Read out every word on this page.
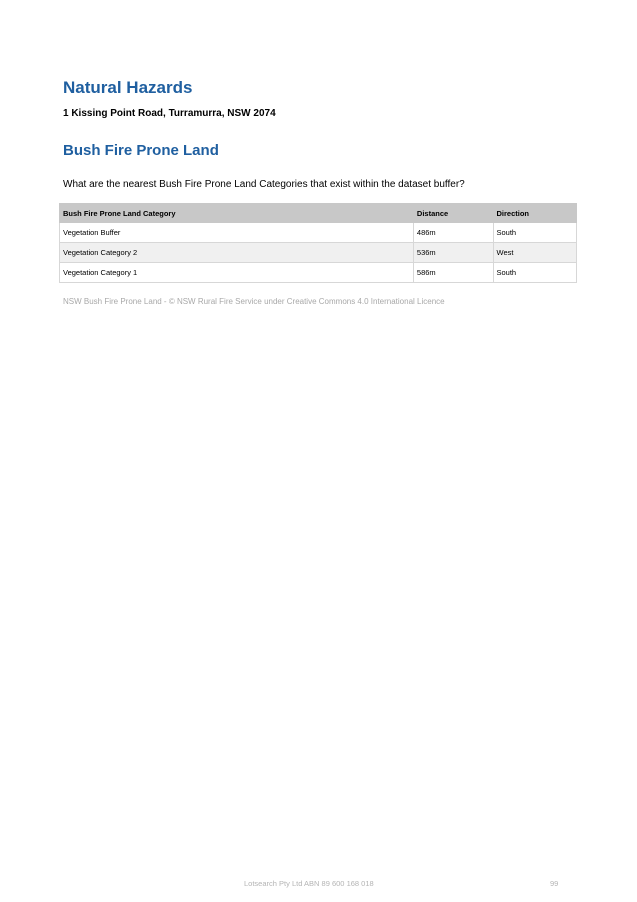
Natural Hazards

1 Kissing Point Road, Turramurra, NSW 2074

Bush Fire Prone Land

What are the nearest Bush Fire Prone Land Categories that exist within the dataset buffer?

Bush Fire Prone Land Category	Distance	Direction
Vegetation Buffer	486m	South
Vegetation Category 2	536m	West
Vegetation Category 1	586m	South

NSW Bush Fire Prone Land - © NSW Rural Fire Service under Creative Commons 4.0 International Licence

Lotsearch Pty Ltd ABN 89 600 168 018	99
